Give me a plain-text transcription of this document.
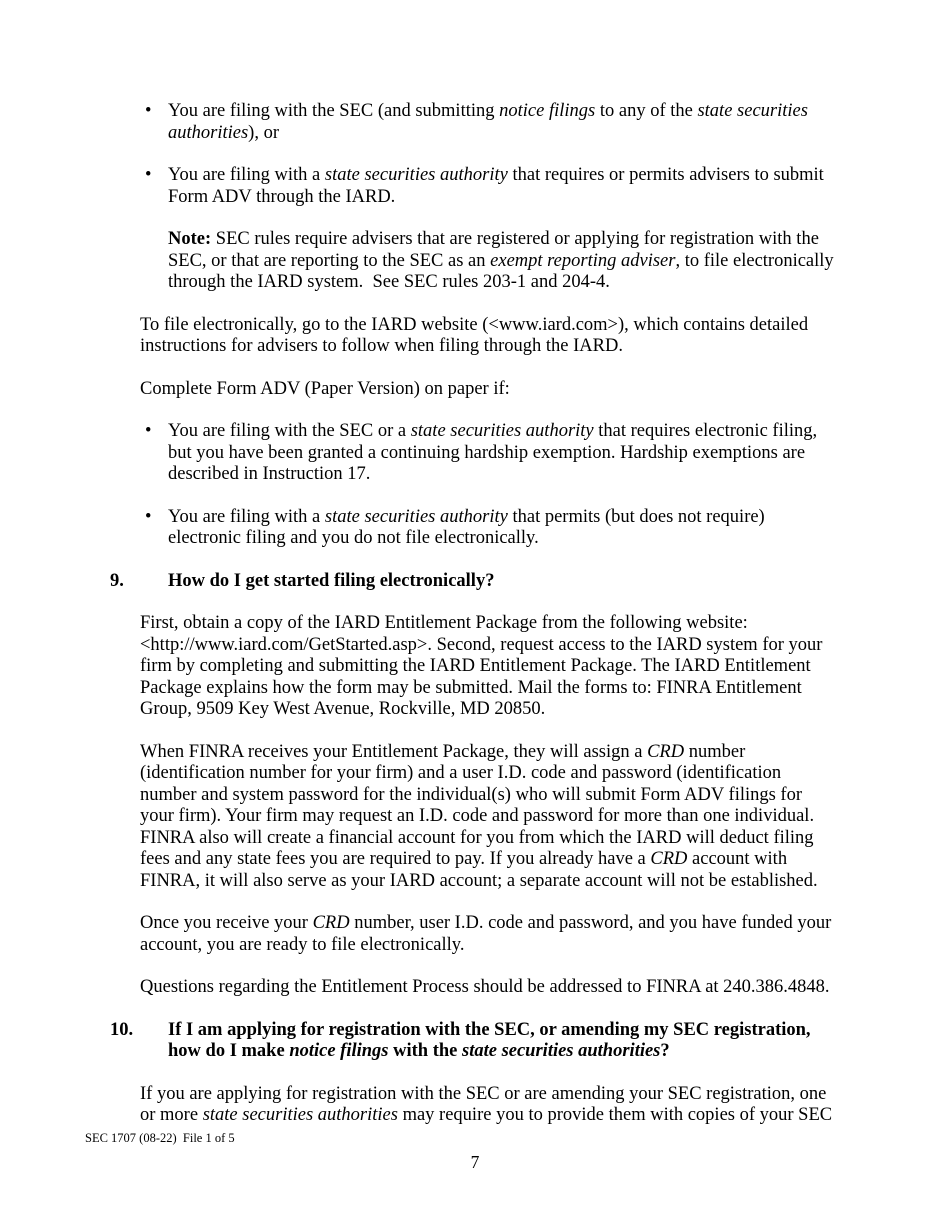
• You are filing with the SEC (and submitting notice filings to any of the state securities authorities), or
• You are filing with a state securities authority that requires or permits advisers to submit Form ADV through the IARD.
Note: SEC rules require advisers that are registered or applying for registration with the SEC, or that are reporting to the SEC as an exempt reporting adviser, to file electronically through the IARD system.  See SEC rules 203-1 and 204-4.
To file electronically, go to the IARD website (<www.iard.com>), which contains detailed instructions for advisers to follow when filing through the IARD.
Complete Form ADV (Paper Version) on paper if:
• You are filing with the SEC or a state securities authority that requires electronic filing, but you have been granted a continuing hardship exemption. Hardship exemptions are described in Instruction 17.
• You are filing with a state securities authority that permits (but does not require) electronic filing and you do not file electronically.
9.	How do I get started filing electronically?
First, obtain a copy of the IARD Entitlement Package from the following website: <http://www.iard.com/GetStarted.asp>. Second, request access to the IARD system for your firm by completing and submitting the IARD Entitlement Package. The IARD Entitlement Package explains how the form may be submitted. Mail the forms to: FINRA Entitlement Group, 9509 Key West Avenue, Rockville, MD 20850.
When FINRA receives your Entitlement Package, they will assign a CRD number (identification number for your firm) and a user I.D. code and password (identification number and system password for the individual(s) who will submit Form ADV filings for your firm). Your firm may request an I.D. code and password for more than one individual. FINRA also will create a financial account for you from which the IARD will deduct filing fees and any state fees you are required to pay. If you already have a CRD account with FINRA, it will also serve as your IARD account; a separate account will not be established.
Once you receive your CRD number, user I.D. code and password, and you have funded your account, you are ready to file electronically.
Questions regarding the Entitlement Process should be addressed to FINRA at 240.386.4848.
10.	If I am applying for registration with the SEC, or amending my SEC registration, how do I make notice filings with the state securities authorities?
If you are applying for registration with the SEC or are amending your SEC registration, one or more state securities authorities may require you to provide them with copies of your SEC
SEC 1707 (08-22)  File 1 of 5
7
